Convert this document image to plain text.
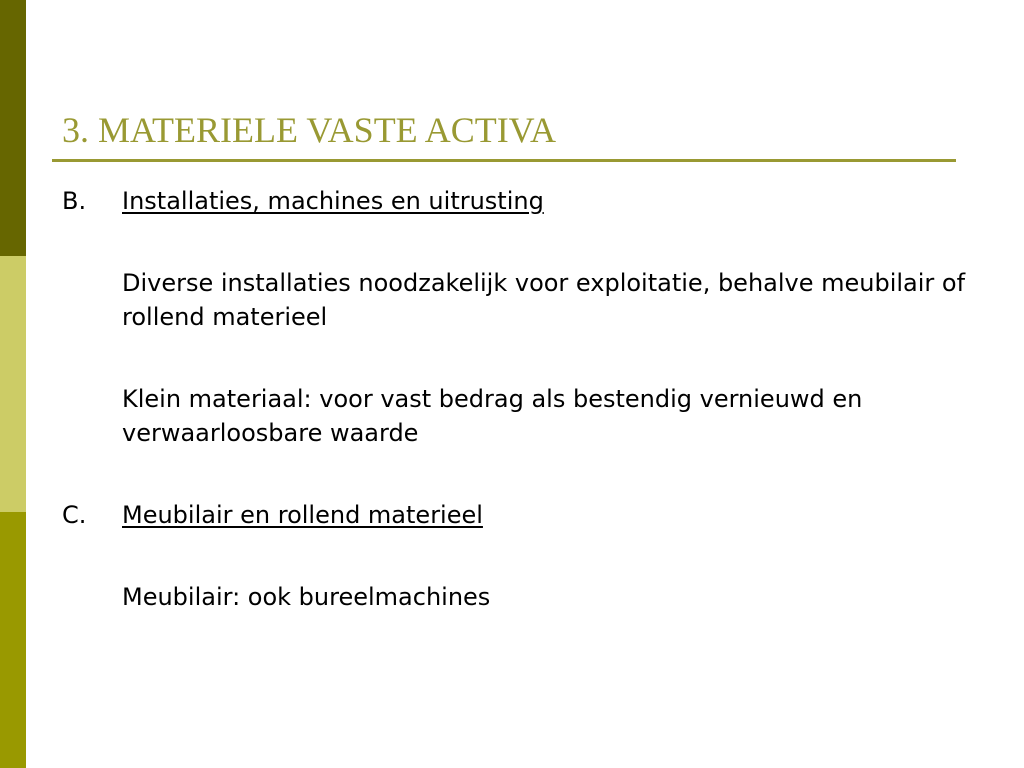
3. MATERIELE VASTE ACTIVA

B. Installaties, machines en uitrusting

Diverse installaties noodzakelijk voor exploitatie, behalve meubilair of rollend materieel

Klein materiaal: voor vast bedrag als bestendig vernieuwd en verwaarloosbare waarde

C. Meubilair en rollend materieel

Meubilair: ook bureelmachines
